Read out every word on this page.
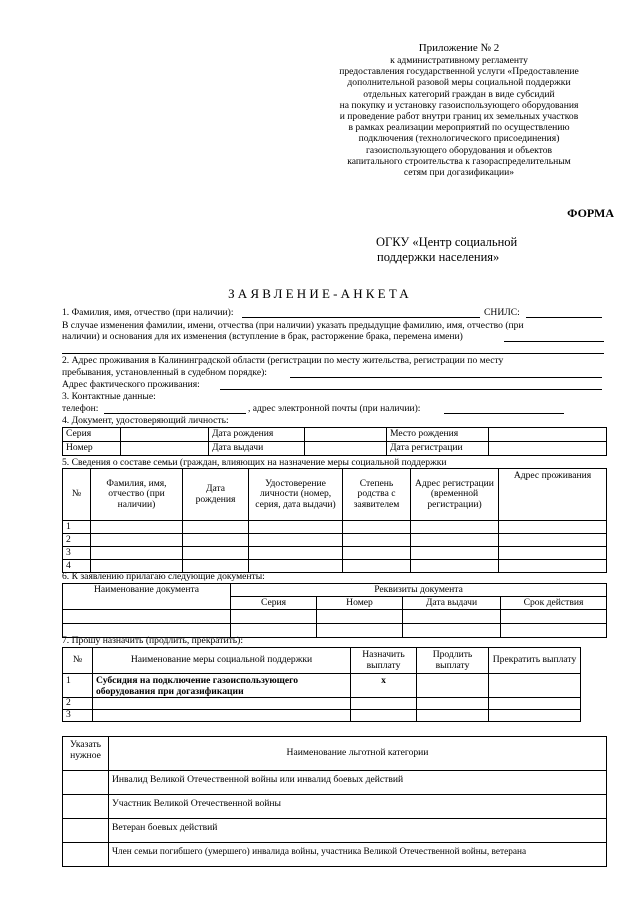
Приложение № 2
к административному регламенту
предоставления государственной услуги «Предоставление
дополнительной разовой меры социальной поддержки
отдельных категорий граждан в виде субсидий
на покупку и установку газоиспользующего оборудования
и проведение работ внутри границ их земельных участков
в рамках реализации мероприятий по осуществлению
подключения (технологического присоединения)
газоиспользующего оборудования и объектов
капитального строительства к газораспределительным
сетям при догазификации»
ФОРМА
ОГКУ «Центр социальной
поддержки населения»
ЗАЯВЛЕНИЕ-АНКЕТА
1. Фамилия, имя, отчество (при наличии):	СНИЛС:
В случае изменения фамилии, имени, отчества (при наличии) указать предыдущие фамилию, имя, отчество (при
наличии) и основания для их изменения (вступление в брак, расторжение брака, перемена имени)
2. Адрес проживания в Калининградской области (регистрации по месту жительства, регистрации по месту
пребывания, установленный в судебном порядке):
Адрес фактического проживания:
3. Контактные данные:
телефон:	, адрес электронной почты (при наличии):
4. Документ, удостоверяющий личность:
Серия		Дата рождения		Место рождения	
Номер		Дата выдачи		Дата регистрации	
5. Сведения о составе семьи (граждан, влияющих на назначение меры социальной поддержки
№	Фамилия, имя, отчество (при наличии)	Дата рождения	Удостоверение личности (номер, серия, дата выдачи)	Степень родства с заявителем	Адрес регистрации (временной регистрации)	Адрес проживания
1						
2						
3						
4						
6. К заявлению прилагаю следующие документы:
Наименование документа	Реквизиты документа			
	Серия	Номер	Дата выдачи	Срок действия

7. Прошу назначить (продлить, прекратить):
№	Наименование меры социальной поддержки	Назначить выплату	Продлить выплату	Прекратить выплату
1	Субсидия на подключение газоиспользующего оборудования при догазификации	х		
2				
3				
Указать нужное	Наименование льготной категории
	Инвалид Великой Отечественной войны или инвалид боевых действий
	Участник Великой Отечественной войны
	Ветеран боевых действий
	Член семьи погибшего (умершего) инвалида войны, участника Великой Отечественной войны, ветерана
